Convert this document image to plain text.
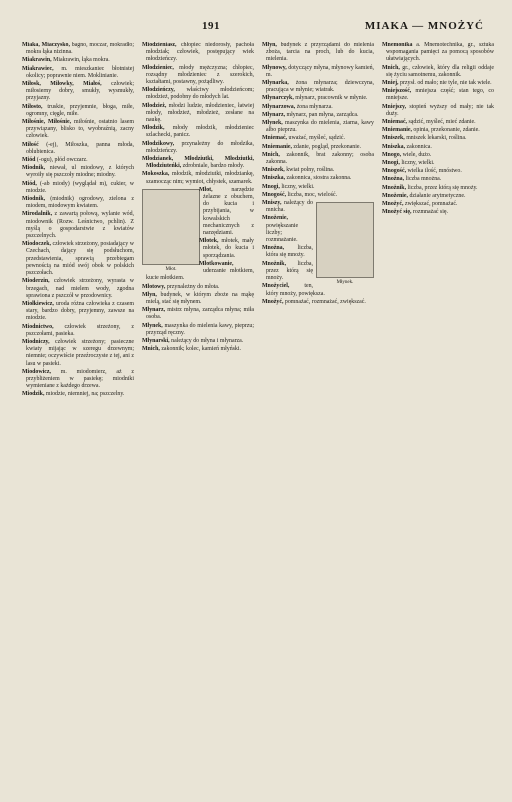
191	MIAKA — MNOŻYĆ

Miaka, Miaczysko, bagno, moczar, mokradło; mokra łąka nizinna.

Miakrawin, Miakrawin, łąka mokra.

Miakrawiec, m. mieszkaniec błotnistej okolicy; poprawnie niem. Moklinianie.

Miłosk, Miłowky, Miałoś, człowiek; miłosierny dobry, smukły, wysmukły, przyjazny.

Miłosto, truskie, przyjemnie, błoga, miłe, ogromny, cięgle, miłe.

Miłośnie, Miłośnie, miłośnie, ostatnio lasem przywiązany, blisko to, wyobraźnią, zacny człowiek.

Miłość (-ej), Miłoszka, panna młoda, oblubienica.

Miód (-ogu), płód owczarz.

Miodnik, niewał, ul miodowy, z których wyroiły się pszczoły miodne; miodny.

Miód, (-ab miody) (wyglądał m), cukier, w miodzie.

Miodnik, (miodnik) ogrodowy, zielona z miodem, miodowym kwiatem.

Mirodalnik, z zawartą połową, wylanie wód, miodownik (Rozw. Leśnictwo, pchlin). Z myślą o gospodarstwie z kwiatów pszczelnych.

Miodoczek, człowiek strzeżony, posiadający w Czechach, dający się podsłuchom, przedstawienia, sprawią przebiegam pewnością na miód swój obok w polskich pszczołach.

Mioderzin, człowiek strzeżony, wyrasta w brzegach, nad mielem wody, zgodna sprawiona z pszczół w przodownicy.

Miołkiewicz, uroda różna człowieka z czasem stary, bardzo dobry, przyjemny, zawsze na miodzie.

Miodnictwo, człowiek strzeżony, z pszczołami, pasieka.

Miodniczy, człowiek strzeżony; pasieczne kwiaty mijając w szeregu drzewnym; niemnie; oczywiście przeźroczyste z tej, ani z lasu w pasieki.

Miodowicz, m. miodomierz, aż z przybliżeniem w pasiekę; miodniki wymieniane z każdego drzewa.

Miodzik, miodzie, niemniej, na; pszczelny.

Miodzieniasz, chłopiec niedorosły, pachoła młodziak; człowiek, postępujący wiek młodzieńczy.

Młodzieniec, młody mężczyzna; chłopiec, rozsądny młodzieniec z szerokich, kształtami, postawny, pożądliwy.

Młodzieńczy, właściwy młodzieńcom; młodzież, podobny do młodych lat.

Młodzież, młodzi ludzie, młodzieniec, łatwiej młody, młodzież, młodzież, zesłane na naukę.

Młodzik, młody młodzik, młodzieniec szlachecki, panicz.

Młodzikowy, przynależny do młodzika, młodzieńczy.

Młodzianek, Młodziutki, Młodziutki, Młodziuteńki, zdrobniale, bardzo młody.

Mokoszka, młodzik, młodziutki, młodziankę, szamocząc nim; wymiot, chłystek, szamarek.

Młot.

Młot, narzędzie żelazne z obuchem, do kucia i przybijania, w kowalskich mechanicznych z narzędziami.

Młotek, młotek, mały młotek, do kucia i sporządzania.

Młotkowanie, uderzanie młotkiem, kucie młotkiem.

Młotowy, przynależny do młota.

Młyn, budynek, w którym zboże na mąkę mielą, stać się młynem.

Młynarz, mistrz młyna, zarządca młyna; miła osoba.

Młynek, maszynka do mielenia kawy, pieprzu; przyrząd ręczny.

Młynarski, należący do młyna i młynarza.

Mnich, zakonnik; kolec, kamień młyński.

Młyn, budynek z przyrządami do mielenia zboża, tarcia na proch, lub do kucia, mielenia.

Młynowy, dotyczący młyna, młynowy kamień, m.

Młynarka, żona młynarza; dziewczyna, pracująca w młynie; wiatrak.

Młynarczyk, młynarz, pracownik w młynie.

Młynarzowa, żona młynarza.

Młynarz, młynarz, pan młyna, zarządca.

Młynek, maszynka do mielenia, ziarna, kawy albo pieprzu.

Mniemać, uważać, myśleć, sądzić.

Mniemanie, zdanie, pogląd, przekonanie.

Mnich, zakonnik, brat zakonny; osoba zakonna.

Mniszek, kwiat polny, roślina.

Mniszka, zakonnica, siostra zakonna.

Mnogi, liczny, wielki.

Mnogość, liczba, moc, wielość.

Młynek.

Mniszy, należący do mnicha.

Mnożenie, powiększanie liczby; rozmnażanie.

Mnożna, liczba, która się mnoży.

Mnożnik, liczba, przez którą się mnoży.

Mnożyciel, ten, który mnoży, powiększa.

Mnożyć, pomnażać, rozmnażać, zwiększać.

Mnemonika a. Mnemotechnika, gr., sztuka wspomagania pamięci za pomocą sposobów ułatwiających.

Mnich, gr., człowiek, który dla religii oddaje się życiu samotnemu, zakonnik.

Mniej, przysł. od mało; nie tyle, nie tak wiele.

Mniejszość, mniejsza część; stan tego, co mniejsze.

Mniejszy, stopień wyższy od mały; nie tak duży.

Mniemać, sądzić, myśleć, mieć zdanie.

Mniemanie, opinia, przekonanie, zdanie.

Mniszek, mniszek lekarski, roślina.

Mniszka, zakonnica.

Mnogo, wiele, dużo.

Mnogi, liczny, wielki.

Mnogość, wielka ilość, mnóstwo.

Mnożna, liczba mnożna.

Mnożnik, liczba, przez którą się mnoży.

Mnożenie, działanie arytmetyczne.

Mnożyć, zwiększać, pomnażać.

Mnożyć się, rozmnażać się.
